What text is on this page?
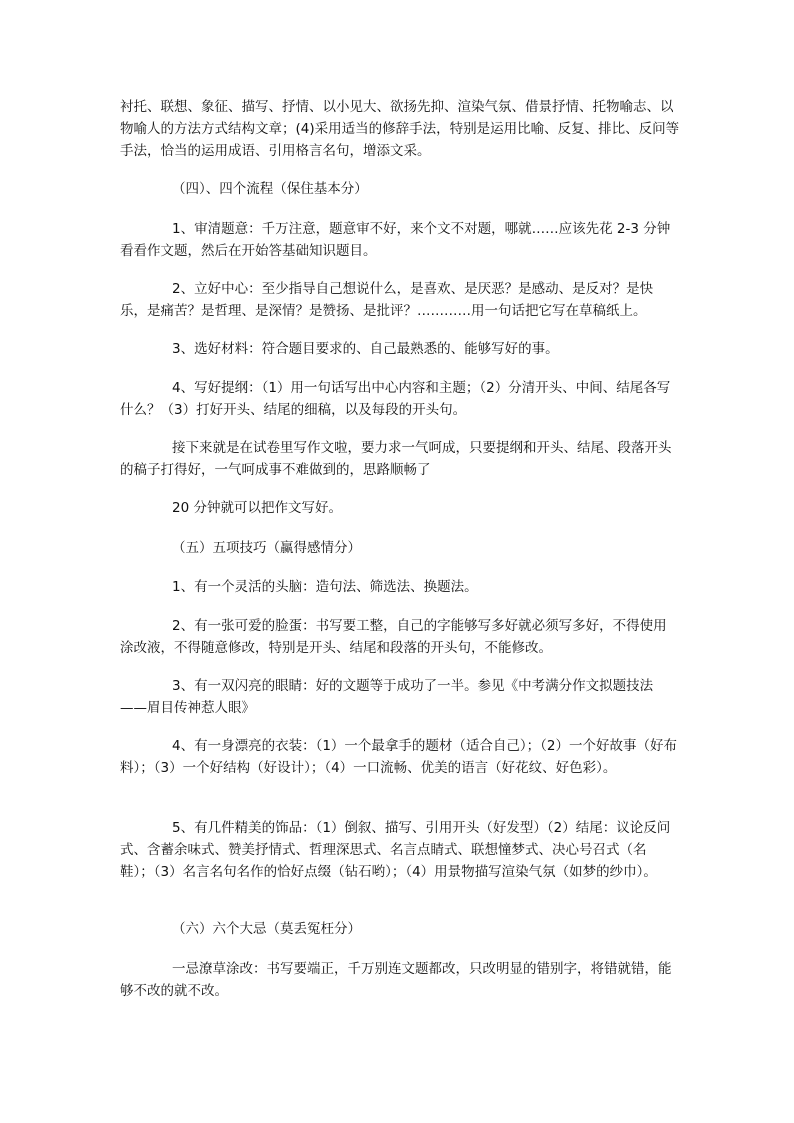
衬托、联想、象征、描写、抒情、以小见大、欲扬先抑、渲染气氛、借景抒情、托物喻志、以物喻人的方法方式结构文章；(4)采用适当的修辞手法，特别是运用比喻、反复、排比、反问等手法，恰当的运用成语、引用格言名句，增添文采。

（四）、四个流程（保住基本分）

1、审清题意：千万注意，题意审不好，来个文不对题，哪就……应该先花 2-3 分钟看看作文题，然后在开始答基础知识题目。

2、立好中心：至少指导自己想说什么，是喜欢、是厌恶？是感动、是反对？是快乐，是痛苦？是哲理、是深情？是赞扬、是批评？…………用一句话把它写在草稿纸上。

3、选好材料：符合题目要求的、自己最熟悉的、能够写好的事。

4、写好提纲：（1）用一句话写出中心内容和主题；（2）分清开头、中间、结尾各写什么？（3）打好开头、结尾的细稿，以及每段的开头句。

接下来就是在试卷里写作文啦，要力求一气呵成，只要提纲和开头、结尾、段落开头的稿子打得好，一气呵成事不难做到的，思路顺畅了

20 分钟就可以把作文写好。

（五）五项技巧（赢得感情分）

1、有一个灵活的头脑：造句法、筛选法、换题法。

2、有一张可爱的脸蛋：书写要工整，自己的字能够写多好就必须写多好，不得使用涂改液，不得随意修改，特别是开头、结尾和段落的开头句，不能修改。

3、有一双闪亮的眼睛：好的文题等于成功了一半。参见《中考满分作文拟题技法——眉目传神惹人眼》

4、有一身漂亮的衣装：（1）一个最拿手的题材（适合自己）；（2）一个好故事（好布料）；（3）一个好结构（好设计）；（4）一口流畅、优美的语言（好花纹、好色彩）。

5、有几件精美的饰品：（1）倒叙、描写、引用开头（好发型）（2）结尾：议论反问式、含蓄余味式、赞美抒情式、哲理深思式、名言点睛式、联想憧梦式、决心号召式（名鞋）；（3）名言名句名作的恰好点缀（钻石哟）；（4）用景物描写渲染气氛（如梦的纱巾）。

（六）六个大忌（莫丢冤枉分）

一忌潦草涂改：书写要端正，千万别连文题都改，只改明显的错别字，将错就错，能够不改的就不改。
